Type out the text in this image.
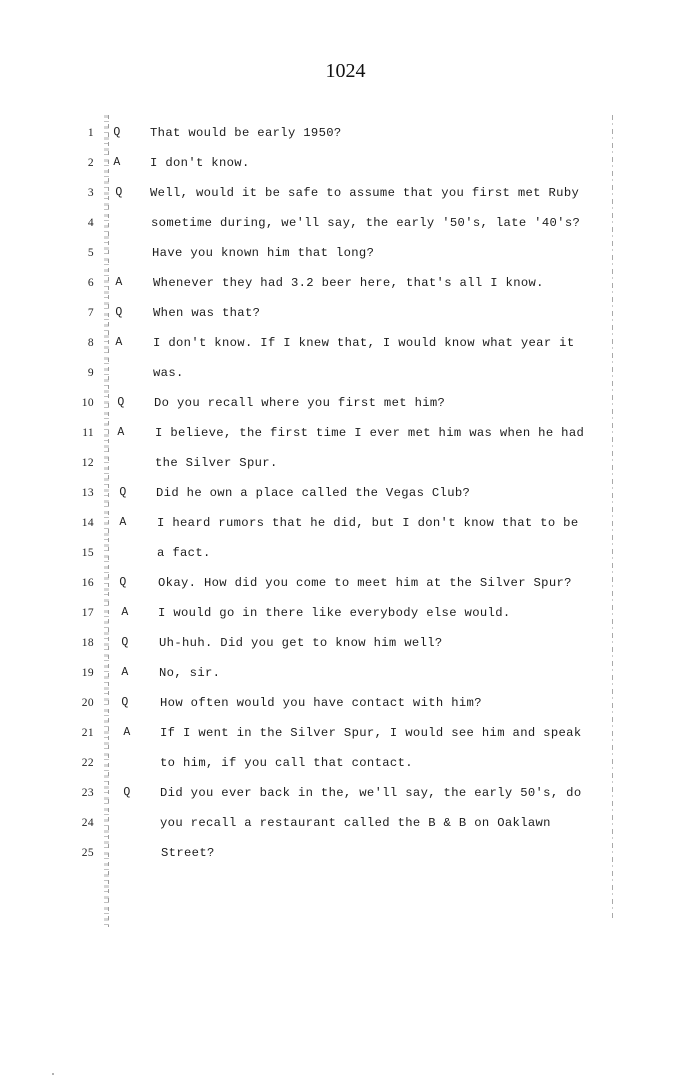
1024
1 Q That would be early 1950?
2 A I don't know.
3 Q Well, would it be safe to assume that you first met Ruby
4	sometime during, we'll say, the early '50's, late '40's?
5	Have you known him that long?
6 A Whenever they had 3.2 beer here, that's all I know.
7 Q When was that?
8 A I don't know. If I knew that, I would know what year it
9	was.
10 Q Do you recall where you first met him?
11 A I believe, the first time I ever met him was when he had
12	the Silver Spur.
13 Q Did he own a place called the Vegas Club?
14 A I heard rumors that he did, but I don't know that to be
15	a fact.
16 Q	Okay. How did you come to meet him at the Silver Spur?
17 A I would go in there like everybody else would.
18 Q Uh-huh. Did you get to know him well?
19 A No, sir.
20 Q	How often would you have contact with him?
21	A If I went in the Silver Spur, I would see him and speak
22	to him, if you call that contact.
23	Q Did you ever back in the, we'll say, the early 50's, do
24	you recall a restaurant called the B & B on Oaklawn
25	Street?
